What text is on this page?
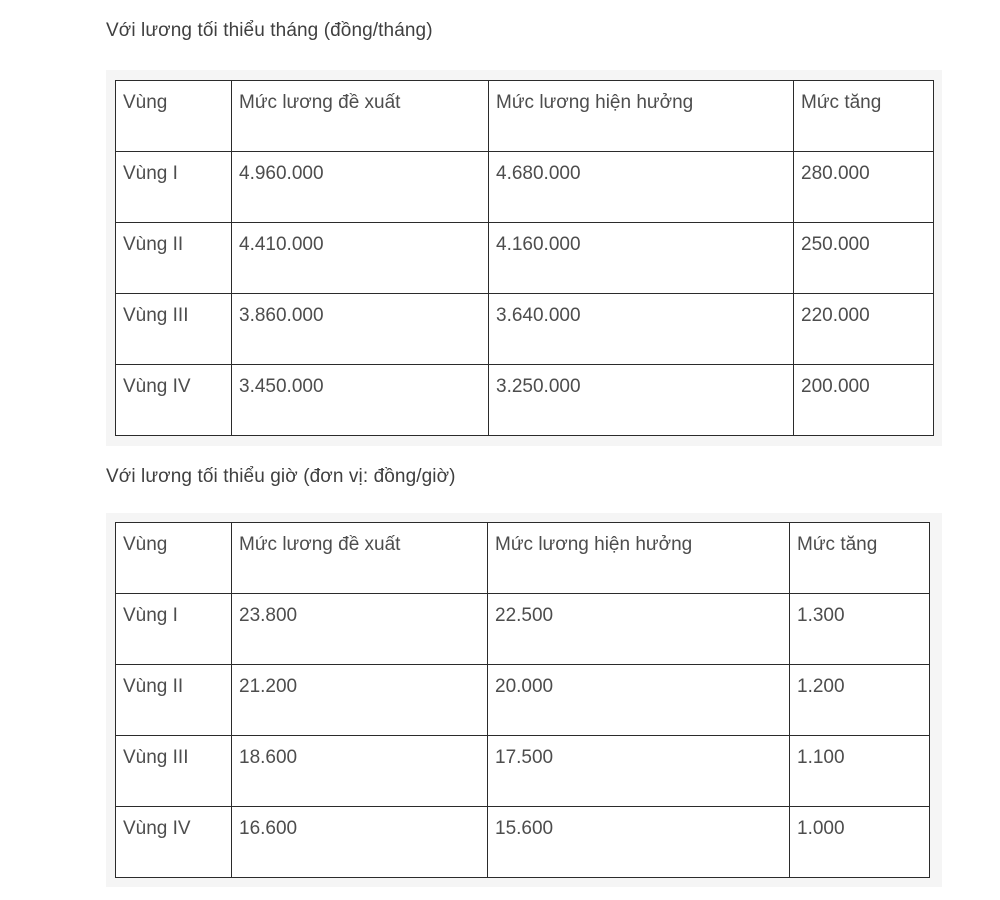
Với lương tối thiểu tháng (đồng/tháng)
Vùng	Mức lương đề xuất	Mức lương hiện hưởng	Mức tăng

Vùng I	4.960.000	4.680.000	280.000

Vùng II	4.410.000	4.160.000	250.000

Vùng III	3.860.000	3.640.000	220.000

Vùng IV	3.450.000	3.250.000	200.000
Với lương tối thiểu giờ (đơn vị: đồng/giờ)
Vùng	Mức lương đề xuất	Mức lương hiện hưởng	Mức tăng

Vùng I	23.800	22.500	1.300

Vùng II	21.200	20.000	1.200

Vùng III	18.600	17.500	1.100

Vùng IV	16.600	15.600	1.000
